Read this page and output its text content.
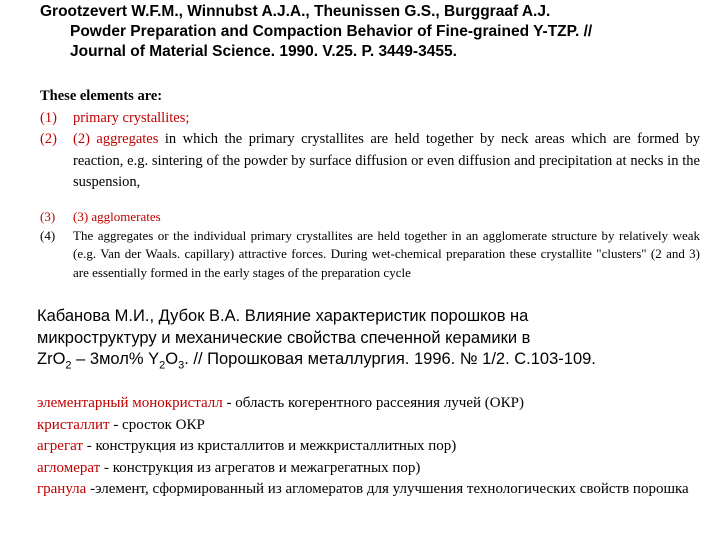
Grootzevert W.F.M., Winnubst A.J.A., Theunissen G.S., Burggraaf A.J.
Powder Preparation and Compaction Behavior of Fine-grained Y-TZP. //
Journal of Material Science. 1990. V.25. P. 3449-3455.
These elements are:
(1) primary crystallites;
(2) (2) aggregates in which the primary crystallites are held together by neck areas which are formed by reaction, e.g. sintering of the powder by surface diffusion or even diffusion and precipitation at necks in the suspension,
(3) (3) agglomerates
(4) The aggregates or the individual primary crystallites are held together in an agglomerate structure by relatively weak (e.g. Van der Waals. capillary) attractive forces. During wet-chemical preparation these crystallite "clusters" (2 and 3) are essentially formed in the early stages of the preparation cycle
Кабанова М.И., Дубок В.А. Влияние характеристик порошков на
микроструктуру и механические свойства спеченной керамики в
ZrO$_2$ – 3мол% $Y_2O_3$. // Порошковая металлургия. 1996. № 1/2. С.103-109.
элементарный монокристалл - область когерентного рассеяния лучей (ОКР)
кристаллит - сросток ОКР
агрегат - конструкция из кристаллитов и межкристаллитных пор)
агломерат - конструкция из агрегатов и межагрегатных пор)
гранула -элемент, сформированный из агломератов для улучшения технологических свойств порошка
